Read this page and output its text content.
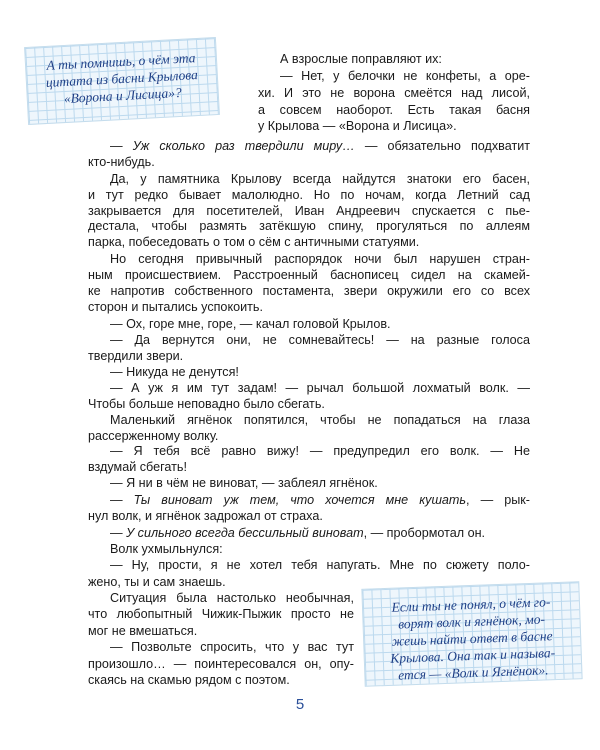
А ты помнишь, о чём эта
цитата из басни Крылова
«Ворона и Лисица»?
А взрослые поправляют их:
— Нет, у белочки не конфеты, а оре-
хи. И это не ворона смеётся над лисой,
а совсем наоборот. Есть такая басня
у Крылова — «Ворона и Лисица».
— Уж сколько раз твердили миру… — обязательно подхватит
кто-нибудь.
Да, у памятника Крылову всегда найдутся знатоки его басен,
и тут редко бывает малолюдно. Но по ночам, когда Летний сад
закрывается для посетителей, Иван Андреевич спускается с пье-
дестала, чтобы размять затёкшую спину, прогуляться по аллеям
парка, побеседовать о том о сём с античными статуями.
Но сегодня привычный распорядок ночи был нарушен стран-
ным происшествием. Расстроенный баснописец сидел на скамей-
ке напротив собственного постамента, звери окружили его со всех
сторон и пытались успокоить.
— Ох, горе мне, горе, — качал головой Крылов.
— Да вернутся они, не сомневайтесь! — на разные голоса
твердили звери.
— Никуда не денутся!
— А уж я им тут задам! — рычал большой лохматый волк. —
Чтобы больше неповадно было сбегать.
Маленький ягнёнок попятился, чтобы не попадаться на глаза
рассерженному волку.
— Я тебя всё равно вижу! — предупредил его волк. — Не
вздумай сбегать!
— Я ни в чём не виноват, — заблеял ягнёнок.
— Ты виноват уж тем, что хочется мне кушать, — рык-
нул волк, и ягнёнок задрожал от страха.
— У сильного всегда бессильный виноват, — пробормотал он.
Если ты не понял, о чём го-
ворят волк и ягнёнок, мо-
жешь найти ответ в басне
Крылова. Она так и называ-
ется — «Волк и Ягнёнок».
5
Волк ухмыльнулся:
— Ну, прости, я не хотел тебя напугать. Мне по сюжету поло-
жено, ты и сам знаешь.
Ситуация была настолько необычная,
что любопытный Чижик-Пыжик просто не
мог не вмешаться.
— Позвольте спросить, что у вас тут
произошло… — поинтересовался он, опу-
скаясь на скамью рядом с поэтом.
